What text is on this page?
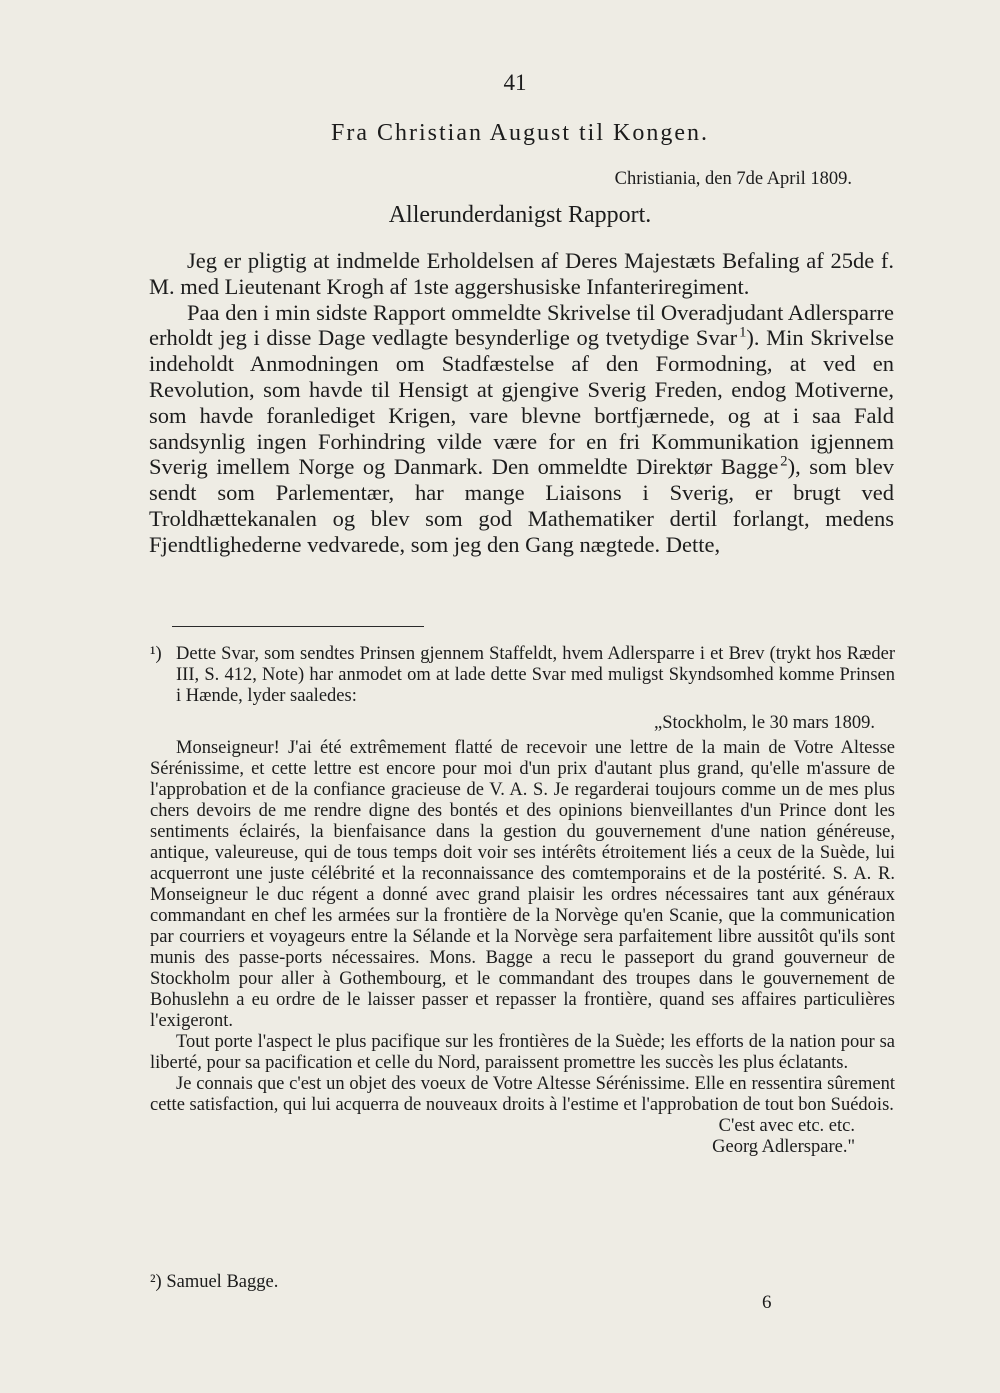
41
Fra Christian August til Kongen.
Christiania, den 7de April 1809.
Allerunderdanigst Rapport.

Jeg er pligtig at indmelde Erholdelsen af Deres Majestæts Befaling af 25de f. M. med Lieutenant Krogh af 1ste aggershusiske Infanteriregiment.

Paa den i min sidste Rapport ommeldte Skrivelse til Overadjudant Adlersparre erholdt jeg i disse Dage vedlagte besynderlige og tvetydige Svar  $^1$). Min Skrivelse indeholdt Anmodningen om Stadfæstelse af den Formodning, at ved en Revolution, som havde til Hensigt at gjengive Sverig Freden, endog Motiverne, som havde foranlediget Krigen, vare blevne bortfjærnede, og at i saa Fald sandsynlig ingen Forhindring vilde være for en fri Kommunikation igjennem Sverig imellem Norge og Danmark. Den ommeldte Direktør Bagge  $^2$), som blev sendt som Parlementær, har mange Liaisons i Sverig, er brugt ved Troldhættekanalen og blev som god Mathematiker dertil forlangt, medens Fjendtlighederne vedvarede, som jeg den Gang nægtede. Dette,

¹) Dette Svar, som sendtes Prinsen gjennem Staffeldt, hvem Adlersparre i et Brev (trykt hos Ræder III, S. 412, Note) har anmodet om at lade dette Svar med muligst Skyndsomhed komme Prinsen i Hænde, lyder saaledes:

„Stockholm, le 30 mars 1809.

Monseigneur! J'ai été extrêmement flatté de recevoir une lettre de la main de Votre Altesse Sérénissime, et cette lettre est encore pour moi d'un prix d'autant plus grand, qu'elle m'assure de l'approbation et de la confiance gracieuse de V. A. S. Je regarderai toujours comme un de mes plus chers devoirs de me rendre digne des bontés et des opinions bienveillantes d'un Prince dont les sentiments éclairés, la bienfaisance dans la gestion du gouvernement d'une nation généreuse, antique, valeureuse, qui de tous temps doit voir ses intérêts étroitement liés a ceux de la Suède, lui acquerront une juste célébrité et la reconnaissance des comtemporains et de la postérité. S. A. R. Monseigneur le duc régent a donné avec grand plaisir les ordres nécessaires tant aux généraux commandant en chef les armées sur la frontière de la Norvège qu'en Scanie, que la communication par courriers et voyageurs entre la Sélande et la Norvège sera parfaitement libre aussitôt qu'ils sont munis des passe-ports nécessaires. Mons. Bagge a recu le passeport du grand gouverneur de Stockholm pour aller à Gothembourg, et le commandant des troupes dans le gouvernement de Bohuslehn a eu ordre de le laisser passer et repasser la frontière, quand ses affaires particulières l'exigeront.

Tout porte l'aspect le plus pacifique sur les frontières de la Suède; les efforts de la nation pour sa liberté, pour sa pacification et celle du Nord, paraissent promettre les succès les plus éclatants.

Je connais que c'est un objet des voeux de Votre Altesse Sérénissime. Elle en ressentira sûrement cette satisfaction, qui lui acquerra de nouveaux droits à l'estime et l'approbation de tout bon Suédois.

C'est avec etc. etc.

Georg Adlerspare."

²) Samuel Bagge.
6
